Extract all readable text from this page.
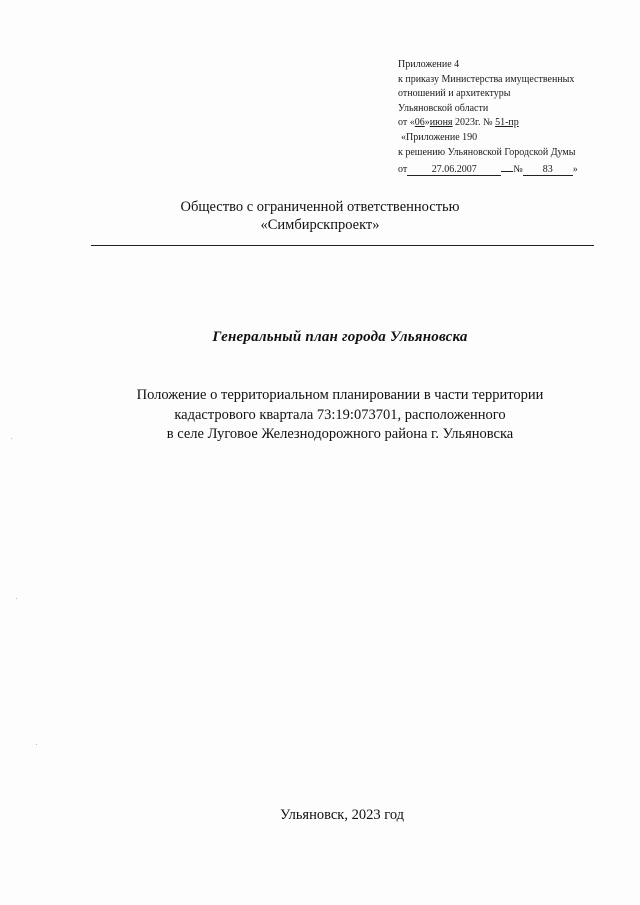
Приложение 4
к приказу Министерства имущественных
отношений и архитектуры
Ульяновской области
от «06»июня 2023г. № 51-пр
«Приложение 190
к решению Ульяновской Городской Думы
от 27.06.2007	№ 83 »
Общество с ограниченной ответственностью
«Симбирскпроект»
Генеральный план города Ульяновска
Положение о территориальном планировании в части территории
кадастрового квартала 73:19:073701, расположенного
в селе Луговое Железнодорожного района г. Ульяновска
Ульяновск, 2023 год
